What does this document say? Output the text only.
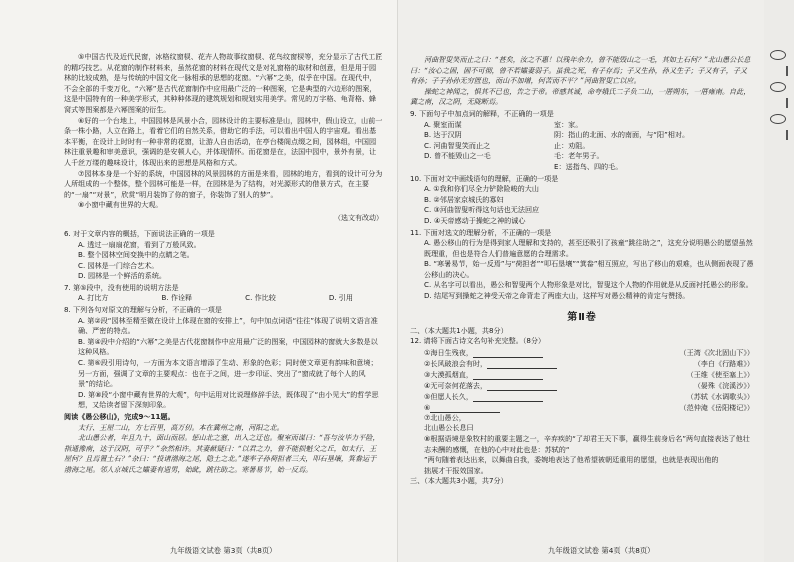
⑤中国古代及近代民窗，冰格纹窗棂、花卉人物故事纹窗棂、花鸟纹窗棂等，充分显示了古代工匠的精巧技艺。从花窗的制作材料来，虽然花窗的材料在现代文是对礼窗格的取材和创意，但是用于园林的比较成熟，是与传统的中国文化一脉相承的思想的花窗。“六幂”之美，似乎在中国。在现代中，不会全部的千变万化，“六幂”是古代花窗制作中应用最广泛的一种图案，它是典型的六边形的图案，这是中国特有的一种美学形式，其种种体现的建筑规划和规划实用美学。常见的万字格、龟背格、蜂窝式等图案都是六幂图案的衍生。

⑥好的一个台地上，中国园林是风景小合，园林设计的主要标准是山，园林中，假山设立，山前一条一株小路，人立在路上，看着它们的自然关系，借助它的手法，可以看出中国人的宇宙观。看出基本平衡，在设计上时时有一种非常的花窗，让游人自由活动，在亭台楼阁点缀之间，园林组，中国园林注重景趣和审美意识，强调的是安顿人心，并体现情怀。而花窗是在，法国中园中，景外有景，让人千丝万缕的趣味设计，体现出来的思想是风格和方式。

⑦园林本身是一个好的系统，中国园林的风景园林的方面是来看，园林的地方，看到的设计可分为人所组成的一个整体，整个园林可能是一样，在园林是为了结构，对光源形式的借景方式，在主要的“一扇”“对景”，欣赏“明月装饰了你的窗子，你装饰了别人的梦”。

⑧小窗中藏有世界的大观。

（选文有改动）

6. 对于文章内容的概括，下面说法正确的一项是

A. 透过一扇扇花窗，看到了万般风致。

B. 整个园林空间变换中的点睛之笔。

C. 园林是一门综合艺术。

D. 园林是一个鲜活的系统。

7. 第⑤段中，没有使用的说明方法是

A. 打比方	B. 作诠释	C. 作比较	D. 引用

8. 下列各句对原文的理解与分析，不正确的一项是

A. 第②段“园林至精至微在设计上体现在窗的安排上”，句中加点词语“往往”体现了说明文语言准确、严密的特点。

B. 第④段中介绍的“六幂”之美是古代花窗制作中应用最广泛的图案，中国园林的窗就大多数是以这种风格。

C. 第⑥段引用诗句，一方面为本文语言增添了生动、形象的色彩；同时使文章更有韵味和意境；另一方面，强调了文章的主要观点：也在于之间，进一步印证、突出了“窗成就了每个人的风景”的结论。

D. 第⑧段“小窗中藏有世界的大观”，句中运用对比说理修辞手法，既体现了“由小见大”的哲学思想，又给读者留下深刻印象。

阅读《愚公移山》，完成9～11题。

太行、王屋二山，方七百里，高万仞。本在冀州之南，河阳之北。

北山愚公者，年且九十，面山而居。惩山北之塞，出入之迂也。聚室而谋曰：“吾与汝毕力平险，指通豫南，达于汉阴，可乎？”杂然相许。其妻献疑曰：“以君之力，曾不能损魁父之丘，如太行、王屋何？且焉置土石？”杂曰：“投诸渤海之尾，隐土之北。”遂率子孙荷担者三夫，叩石垦壤，箕畚运于渤海之尾。邻人京城氏之孀妻有遗男，始龀，跳往助之。寒暑易节，始一反焉。

九年级语文试卷 第3页（共8页）

河曲智叟笑而止之曰：“甚矣，汝之不惠！以残年余力，曾不能毁山之一毛，其如土石何？”北山愚公长息曰：“汝心之固，固不可彻，曾不若孀妻弱子。虽我之死，有子存焉；子又生孙，孙又生子；子又有子，子又有孙；子子孙孙无穷匮也，而山不加增，何苦而不平？”河曲智叟亡以应。

操蛇之神闻之，惧其不已也，告之于帝。帝感其诚，命夸娥氏二子负二山，一厝朔东，一厝雍南。自此，冀之南，汉之阴，无陇断焉。

9. 下面句子中加点词的解释，不正确的一项是

A. 聚室而谋	室：家。
B. 达于汉阴	阴：指山的北面、水的南面，与“阳”相对。
C. 河曲智叟笑而止之	止：劝阻。
D. 曾不能毁山之一毛	毛：老年男子。
E：送指鸟、四的毛。

10. 下面对文中画线语句的理解，正确的一项是

A. ①我和你们尽全力铲除险峻的大山

B. ②邻居家京城氏的寡妇

C. ③河曲智叟听得这句话也无法回应

D. ④天帝感动于操蛇之神的诚心

11. 下面对选文的理解分析，不正确的一项是

A. 愚公移山的行为是得到家人理解和支持的，甚至还吸引了孩童“跳往助之”，这充分说明愚公的愿望虽然既理重，但也是符合人们普遍意愿的合理需求。

B. “寒暑易节，始一反焉”与“荷担者”“叩石垦壤”“箕畚”相互照应，写出了移山的艰难，也从侧面表现了愚公移山的决心。

C. 从名字可以看出，愚公和智叟两个人物形象是对比，智叟这个人物的作用就是从反面衬托愚公的形象。

D. 结尾写到操蛇之神受天帝之命背走了两座大山，这样写对愚公精神的肯定与赞扬。

第Ⅱ卷

二、（本大题共1小题，共8分）

12. 请将下面古诗文名句补充完整。（8分）

①海日生残夜，	（王湾《次北固山下》）
②长风破浪会有时，	（李白《行路难》）
③大漠孤烟直，	（王维《使至塞上》）
④无可奈何花落去，	（晏殊《浣溪沙》）
⑤但愿人长久，	（苏轼《水调歌头》）
⑥	（范仲淹《岳阳楼记》）

⑦北山愚公，

北山愚公长息曰

⑧根据语境是象牧村的重要主题之一，辛弃疾的“了却君王天下事，赢得生前身后名”两句直接表达了他壮志未酬的感慨，在他的心中对此也是：苏轼的“

”两句随着表达出来，以舞曲自我，委婉地表达了他希望被朝廷重用的愿望，也就是表现出他的

拙展才干报效国家。

三、（本大题共3小题，共7分）

九年级语文试卷 第4页（共8页）
